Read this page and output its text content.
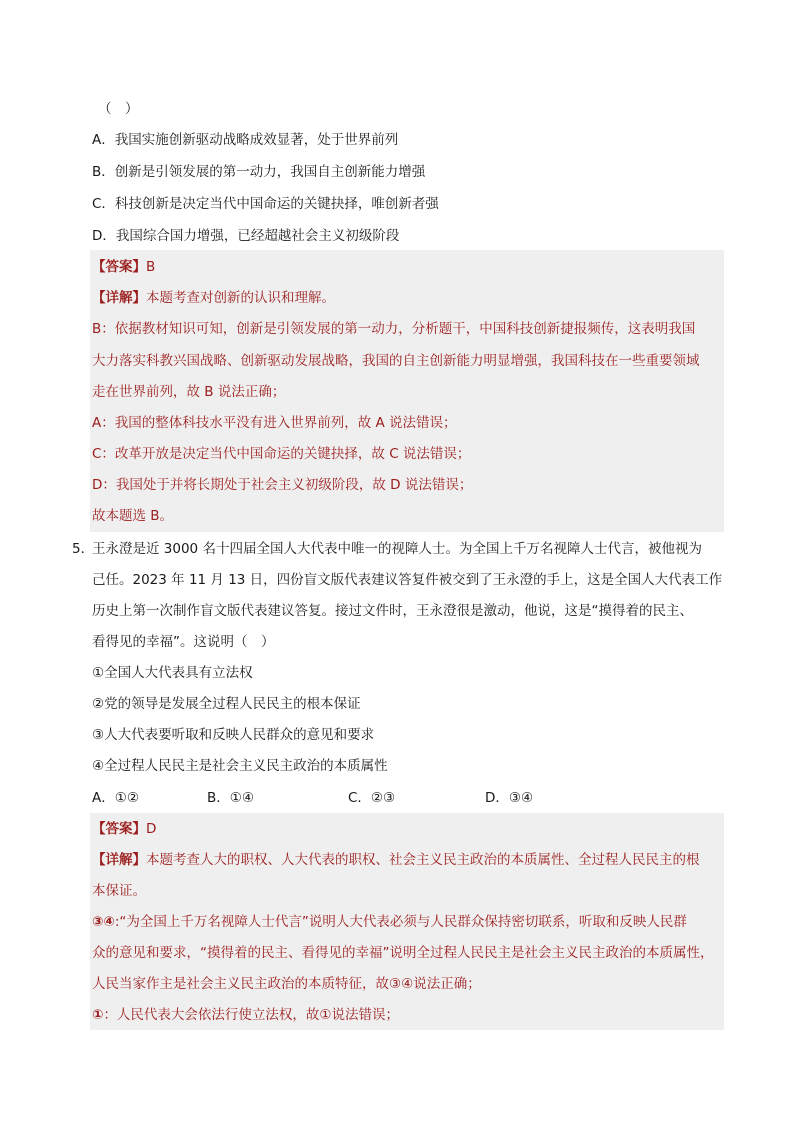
（　）
A．我国实施创新驱动战略成效显著，处于世界前列
B．创新是引领发展的第一动力，我国自主创新能力增强
C．科技创新是决定当代中国命运的关键抉择，唯创新者强
D．我国综合国力增强，已经超越社会主义初级阶段
【答案】B
【详解】本题考查对创新的认识和理解。
B：依据教材知识可知，创新是引领发展的第一动力，分析题干，中国科技创新捷报频传，这表明我国
大力落实科教兴国战略、创新驱动发展战略，我国的自主创新能力明显增强，我国科技在一些重要领域
走在世界前列，故 B 说法正确；
A：我国的整体科技水平没有进入世界前列，故 A 说法错误；
C：改革开放是决定当代中国命运的关键抉择，故 C 说法错误；
D：我国处于并将长期处于社会主义初级阶段，故 D 说法错误；
故本题选 B。
5．
王永澄是近 3000 名十四届全国人大代表中唯一的视障人士。为全国上千万名视障人士代言，被他视为
己任。2023 年 11 月 13 日，四份盲文版代表建议答复件被交到了王永澄的手上，这是全国人大代表工作
历史上第一次制作盲文版代表建议答复。接过文件时，王永澄很是激动，他说，这是“摸得着的民主、
看得见的幸福”。这说明（　）
①全国人大代表具有立法权
②党的领导是发展全过程人民民主的根本保证
③人大代表要听取和反映人民群众的意见和要求
④全过程人民民主是社会主义民主政治的本质属性
A．①②	B．①④	C．②③	D．③④
【答案】D
【详解】本题考查人大的职权、人大代表的职权、社会主义民主政治的本质属性、全过程人民民主的根
本保证。
③④:“为全国上千万名视障人士代言”说明人大代表必须与人民群众保持密切联系，听取和反映人民群
众的意见和要求，“摸得着的民主、看得见的幸福”说明全过程人民民主是社会主义民主政治的本质属性，
人民当家作主是社会主义民主政治的本质特征，故③④说法正确；
①：人民代表大会依法行使立法权，故①说法错误；
